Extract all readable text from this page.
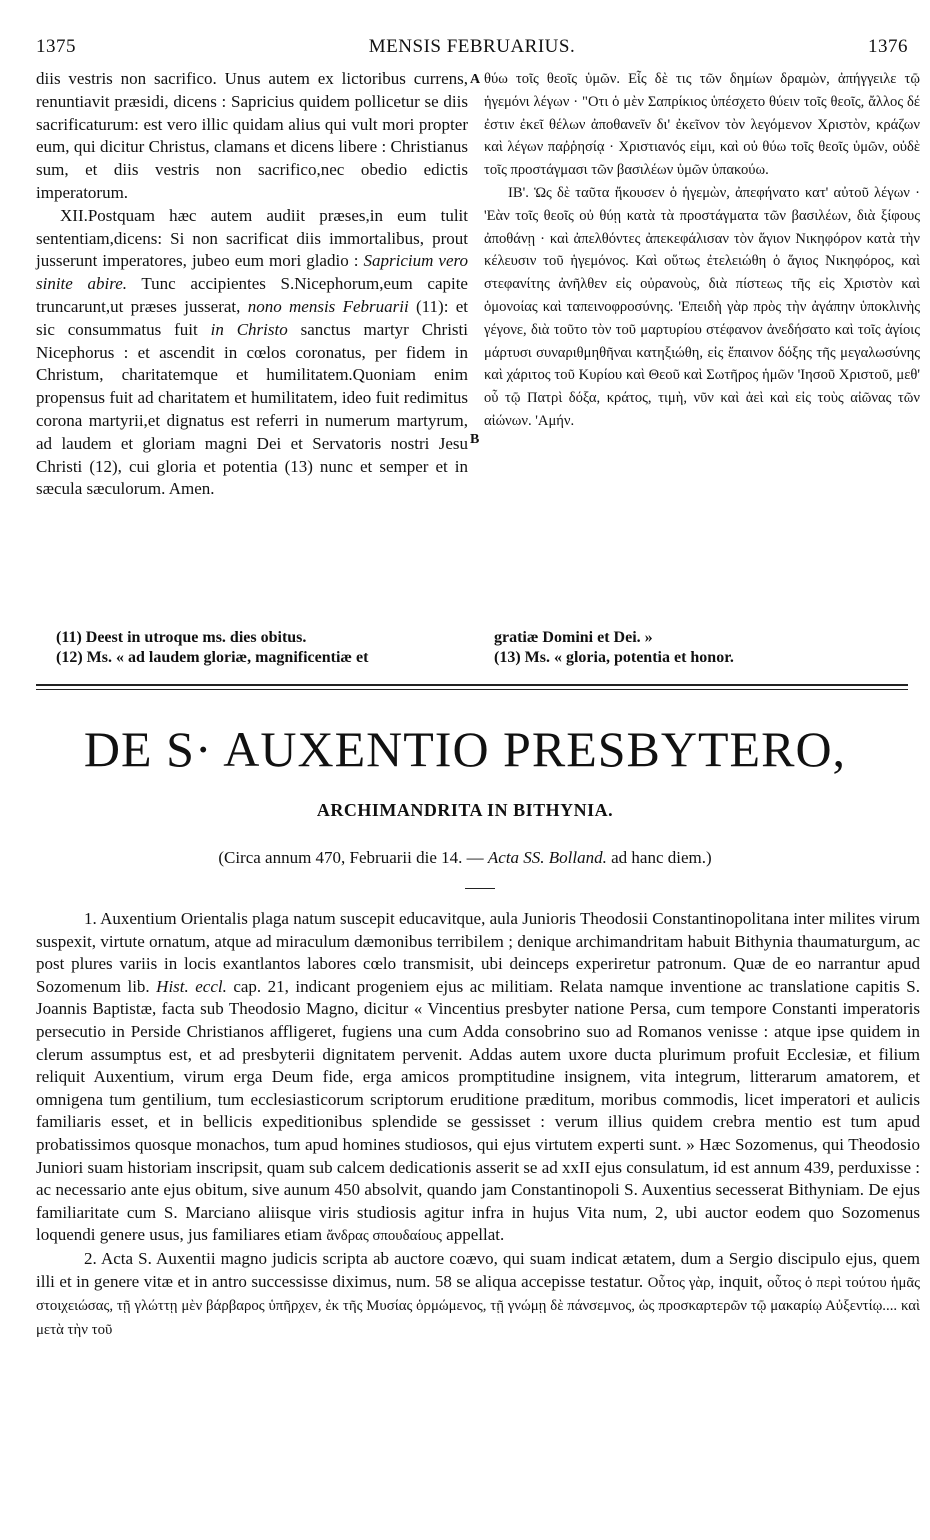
1375	MENSIS FEBRUARIUS.	1376

diis vestris non sacrifico. Unus autem ex lictoribus currens, renuntiavit præsidi, dicens : Sapricius quidem pollicetur se diis sacrificaturum: est vero illic quidam alius qui vult mori propter eum, qui dicitur Christus, clamans et dicens libere : Christianus sum, et diis vestris non sacrifico,nec obedio edictis imperatorum.

XII.Postquam hæc autem audiit præses,in eum tulit sententiam,dicens: Si non sacrificat diis immortalibus, prout jusserunt imperatores, jubeo eum mori gladio : Sapricium vero sinite abire. Tunc accipientes S.Nicephorum,eum capite truncarunt,ut præses jusserat, nono mensis Februarii (11): et sic consummatus fuit in Christo sanctus martyr Christi Nicephorus : et ascendit in cœlos coronatus, per fidem in Christum, charitatemque et humilitatem.Quoniam enim propensus fuit ad charitatem et humilitatem, ideo fuit redimitus corona martyrii,et dignatus est referri in numerum martyrum, ad laudem et gloriam magni Dei et Servatoris nostri Jesu Christi (12), cui gloria et potentia (13) nunc et semper et in sæcula sæculorum. Amen.

A
B

θύω τοῖς θεοῖς ὑμῶν. Εἷς δὲ τις τῶν δημίων δραμὼν, ἀπήγγειλε τῷ ἡγεμόνι λέγων · "Οτι ὁ μὲν Σαπρίκιος ὑπέσχετο θύειν τοῖς θεοῖς, ἄλλος δέ ἐστιν ἐκεῖ θέλων ἀποθανεῖν δι' ἐκεῖνον τὸν λεγόμενον Χριστὸν, κράζων καὶ λέγων παῤῥησίᾳ · Χριστιανός εἰμι, καὶ οὐ θύω τοῖς θεοῖς ὑμῶν, οὐδὲ τοῖς προστάγμασι τῶν βασιλέων ὑμῶν ὑπακούω.

ΙΒ'. Ὡς δὲ ταῦτα ἤκουσεν ὁ ἡγεμὼν, ἀπεφήνατο κατ' αὐτοῦ λέγων · 'Εὰν τοῖς θεοῖς οὐ θύῃ κατὰ τὰ προστάγματα τῶν βασιλέων, διὰ ξίφους ἀποθάνῃ · καὶ ἀπελθόντες ἀπεκεφάλισαν τὸν ἅγιον Νικηφόρον κατὰ τὴν κέλευσιν τοῦ ἡγεμόνος. Καὶ οὕτως ἐτελειώθη ὁ ἅγιος Νικηφόρος, καὶ στεφανίτης ἀνῆλθεν εἰς οὐρανοὺς, διὰ πίστεως τῆς εἰς Χριστὸν καὶ ὁμονοίας καὶ ταπεινοφροσύνης. 'Επειδὴ γὰρ πρὸς τὴν ἀγάπην ὑποκλινὴς γέγονε, διὰ τοῦτο τὸν τοῦ μαρτυρίου στέφανον ἀνεδήσατο καὶ τοῖς ἁγίοις μάρτυσι συναριθμηθῆναι κατηξιώθη, εἰς ἔπαινον δόξης τῆς μεγαλωσύνης καὶ χάριτος τοῦ Κυρίου καὶ Θεοῦ καὶ Σωτῆρος ἡμῶν 'Ιησοῦ Χριστοῦ, μεθ' οὗ τῷ Πατρὶ δόξα, κράτος, τιμὴ, νῦν καὶ ἀεὶ καὶ εἰς τοὺς αἰῶνας τῶν αἰώνων. 'Αμήν.

(11) Deest in utroque ms. dies obitus.
(12) Ms. « ad laudem gloriæ, magnificentiæ et
gratiæ Domini et Dei. »
(13) Ms. « gloria, potentia et honor.
DE S· AUXENTIO PRESBYTERO,
ARCHIMANDRITA IN BITHYNIA.
(Circa annum 470, Februarii die 14. — Acta SS. Bolland. ad hanc diem.)

1. Auxentium Orientalis plaga natum suscepit educavitque, aula Junioris Theodosii Constantinopolitana inter milites virum suspexit, virtute ornatum, atque ad miraculum dæmonibus terribilem ; denique archimandritam habuit Bithynia thaumaturgum, ac post plures variis in locis exantlantos labores cœlo transmisit, ubi deinceps experiretur patronum. Quæ de eo narrantur apud Sozomenum lib. Hist. eccl. cap. 21, indicant progeniem ejus ac militiam. Relata namque inventione ac translatione capitis S. Joannis Baptistæ, facta sub Theodosio Magno, dicitur « Vincentius presbyter natione Persa, cum tempore Constanti imperatoris persecutio in Perside Christianos affligeret, fugiens una cum Adda consobrino suo ad Romanos venisse : atque ipse quidem in clerum assumptus est, et ad presbyterii dignitatem pervenit. Addas autem uxore ducta plurimum profuit Ecclesiæ, et filium reliquit Auxentium, virum erga Deum fide, erga amicos promptitudine insignem, vita integrum, litterarum amatorem, et omnigena tum gentilium, tum ecclesiasticorum scriptorum eruditione præditum, moribus commodis, licet imperatori et aulicis familiaris esset, et in bellicis expeditionibus splendide se gessisset : verum illius quidem crebra mentio est tum apud probatissimos quosque monachos, tum apud homines studiosos, qui ejus virtutem experti sunt. » Hæc Sozomenus, qui Theodosio Juniori suam historiam inscripsit, quam sub calcem dedicationis asserit se ad xxII ejus consulatum, id est annum 439, perduxisse : ac necessario ante ejus obitum, sive aunum 450 absolvit, quando jam Constantinopoli S. Auxentius secesserat Bithyniam. De ejus familiaritate cum S. Marciano aliisque viris studiosis agitur infra in hujus Vita num, 2, ubi auctor eodem quo Sozomenus loquendi genere usus, jus familiares etiam ἄνδρας σπουδαίους appellat.

2. Acta S. Auxentii magno judicis scripta ab auctore coævo, qui suam indicat ætatem, dum a Sergio discipulo ejus, quem illi et in genere vitæ et in antro successisse diximus, num. 58 se aliqua accepisse testatur. Οὗτος γὰρ, inquit, οὗτος ὁ περὶ τούτου ἡμᾶς στοιχειώσας, τῇ γλώττῃ μὲν βάρβαρος ὑπῆρχεν, ἐκ τῆς Μυσίας ὁρμώμενος, τῇ γνώμῃ δὲ πάνσεμνος, ὡς προσκαρτερῶν τῷ μακαρίῳ Αὐξεντίῳ.... καὶ μετὰ τὴν τοῦ
